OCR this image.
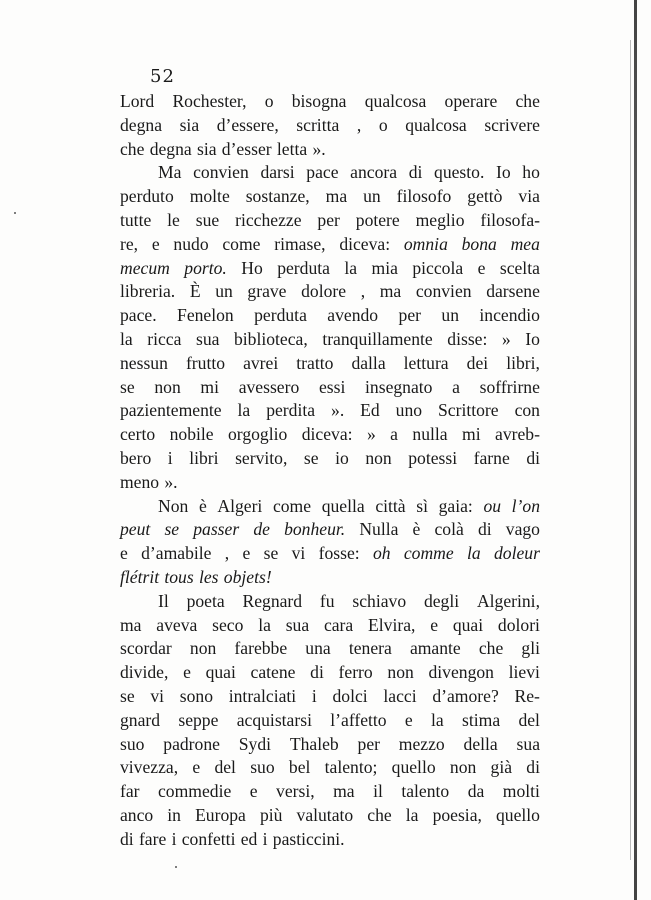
52
Lord Rochester, o bisogna qualcosa operare che
degna sia d’essere, scritta , o qualcosa scrivere
che degna sia d’esser letta ».
Ma convien darsi pace ancora di questo. Io ho
perduto molte sostanze, ma un filosofo gettò via
tutte le sue ricchezze per potere meglio filosofa-
re, e nudo come rimase, diceva: omnia bona mea
mecum porto. Ho perduta la mia piccola e scelta
libreria. È un grave dolore , ma convien darsene
pace. Fenelon perduta avendo per un incendio
la ricca sua biblioteca, tranquillamente disse: » Io
nessun frutto avrei tratto dalla lettura dei libri,
se non mi avessero essi insegnato a soffrirne
pazientemente la perdita ». Ed uno Scrittore con
certo nobile orgoglio diceva: » a nulla mi avreb-
bero i libri servito, se io non potessi farne di
meno ».
Non è Algeri come quella città sì gaia: ou l’on
peut se passer de bonheur. Nulla è colà di vago
e d’amabile , e se vi fosse: oh comme la doleur
flétrit tous les objets!
Il poeta Regnard fu schiavo degli Algerini,
ma aveva seco la sua cara Elvira, e quai dolori
scordar non farebbe una tenera amante che gli
divide, e quai catene di ferro non divengon lievi
se vi sono intralciati i dolci lacci d’amore? Re-
gnard seppe acquistarsi l’affetto e la stima del
suo padrone Sydi Thaleb per mezzo della sua
vivezza, e del suo bel talento; quello non già di
far commedie e versi, ma il talento da molti
anco in Europa più valutato che la poesia, quello
di fare i confetti ed i pasticcini.
